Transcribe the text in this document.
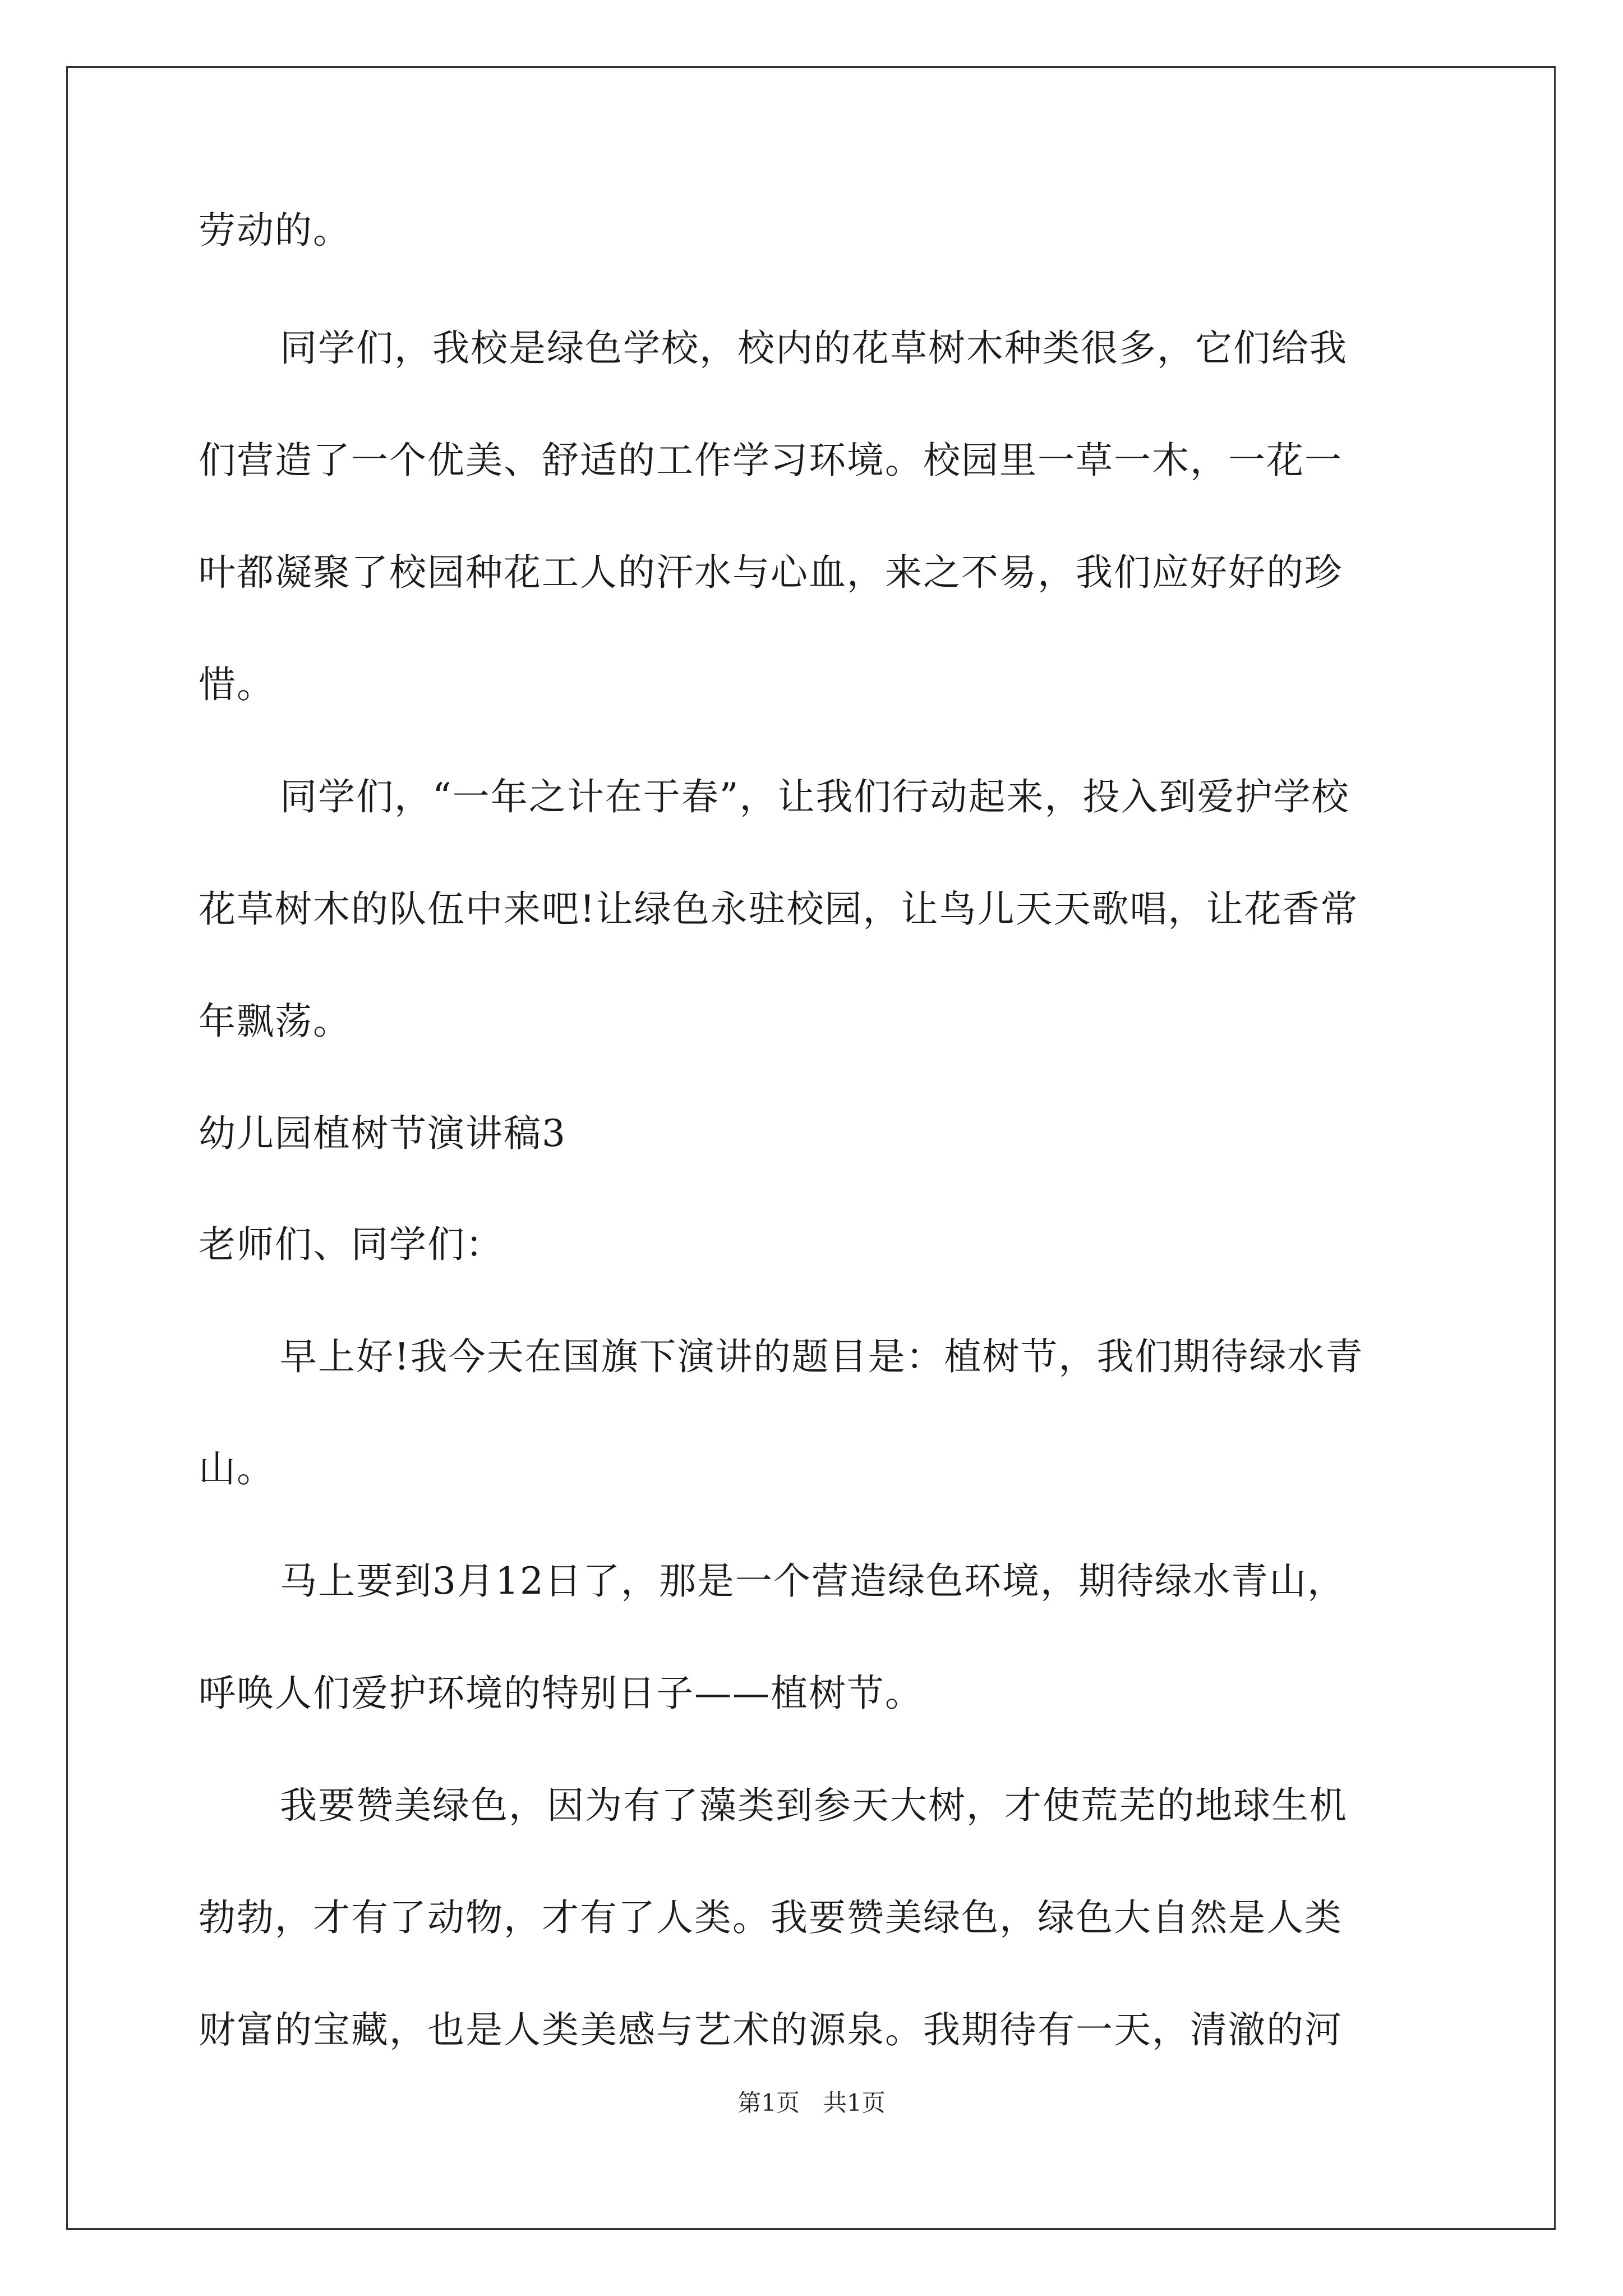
劳动的。
同学们，我校是绿色学校，校内的花草树木种类很多，它们给我
们营造了一个优美、舒适的工作学习环境。校园里一草一木，一花一
叶都凝聚了校园种花工人的汗水与心血，来之不易，我们应好好的珍
惜。
同学们，“一年之计在于春”，让我们行动起来，投入到爱护学校
花草树木的队伍中来吧!让绿色永驻校园，让鸟儿天天歌唱，让花香常
年飘荡。
幼儿园植树节演讲稿3
老师们、同学们：
早上好!我今天在国旗下演讲的题目是：植树节，我们期待绿水青
山。
马上要到3月12日了，那是一个营造绿色环境，期待绿水青山，
呼唤人们爱护环境的特别日子——植树节。
我要赞美绿色，因为有了藻类到参天大树，才使荒芜的地球生机
勃勃，才有了动物，才有了人类。我要赞美绿色，绿色大自然是人类
财富的宝藏，也是人类美感与艺术的源泉。我期待有一天，清澈的河
第1页　共1页
